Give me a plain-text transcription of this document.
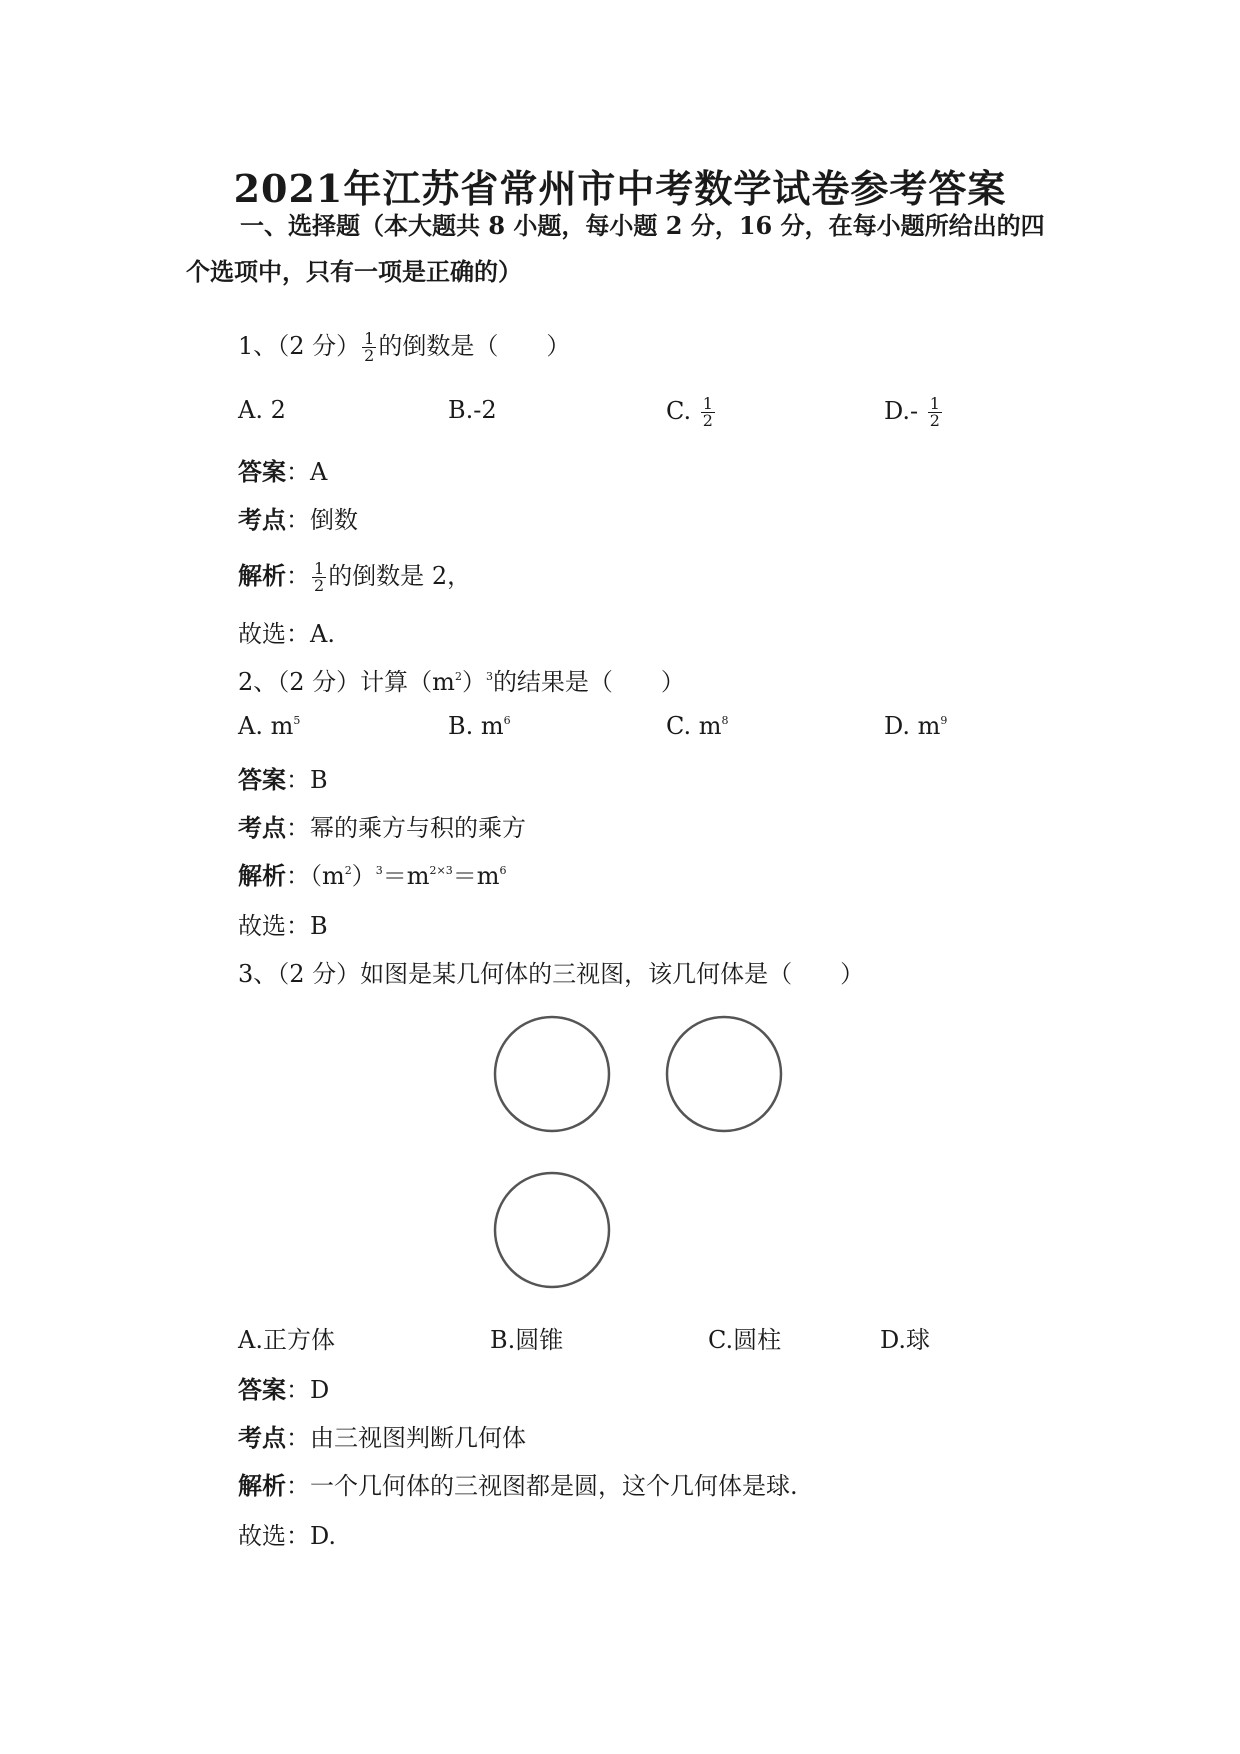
2021年江苏省常州市中考数学试卷参考答案
一、选择题（本大题共 8 小题，每小题 2 分，16 分，在每小题所给出的四
个选项中，只有一项是正确的）
1、（2 分） $\frac{1}{2}$ 的倒数是（　　）
A. 2	B.-2	C. $\frac{1}{2}$	$D.- \frac{1}{2}$
答案：A
考点：倒数
解析： $\frac{1}{2}$ 的倒数是 2，
故选：A.
2、（2 分）计算$(m^2)^3$的结果是（　　）
A. $m^5$	B. $m^6$	C. $m^8$	D. $m^9$
答案：B
考点：幂的乘方与积的乘方
解析：$(m^2)^3=m^{2\times 3}=m^6$
故选：B
3、（2 分）如图是某几何体的三视图，该几何体是（　　）
A.正方体	B.圆锥	C.圆柱	D.球
答案：D
考点：由三视图判断几何体
解析：一个几何体的三视图都是圆，这个几何体是球.
故选：D.
